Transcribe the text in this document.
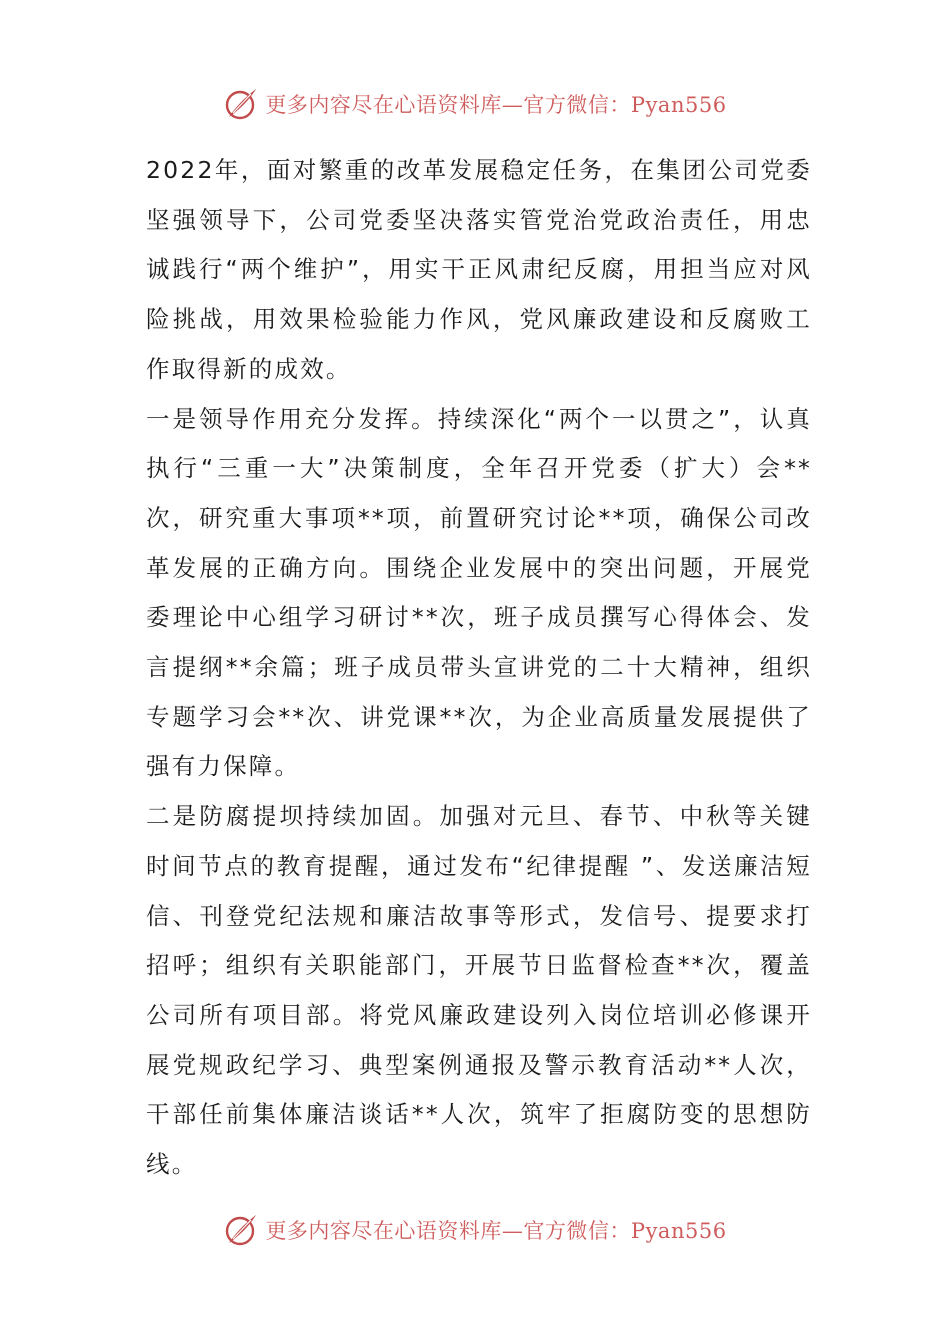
更多内容尽在心语资料库—官方微信：Pyan556

2022年，面对繁重的改革发展稳定任务，在集团公司党委坚强领导下，公司党委坚决落实管党治党政治责任，用忠诚践行“两个维护”，用实干正风肃纪反腐，用担当应对风险挑战，用效果检验能力作风，党风廉政建设和反腐败工作取得新的成效。

一是领导作用充分发挥。持续深化“两个一以贯之”，认真执行“三重一大”决策制度，全年召开党委（扩大）会**次，研究重大事项**项，前置研究讨论**项，确保公司改革发展的正确方向。围绕企业发展中的突出问题，开展党委理论中心组学习研讨**次，班子成员撰写心得体会、发言提纲**余篇；班子成员带头宣讲党的二十大精神，组织专题学习会**次、讲党课**次，为企业高质量发展提供了强有力保障。

二是防腐提坝持续加固。加强对元旦、春节、中秋等关键时间节点的教育提醒，通过发布“纪律提醒 ”、发送廉洁短信、刊登党纪法规和廉洁故事等形式，发信号、提要求打招呼；组织有关职能部门，开展节日监督检查**次，覆盖公司所有项目部。将党风廉政建设列入岗位培训必修课开展党规政纪学习、典型案例通报及警示教育活动**人次，干部任前集体廉洁谈话**人次，筑牢了拒腐防变的思想防线。

更多内容尽在心语资料库—官方微信：Pyan556
